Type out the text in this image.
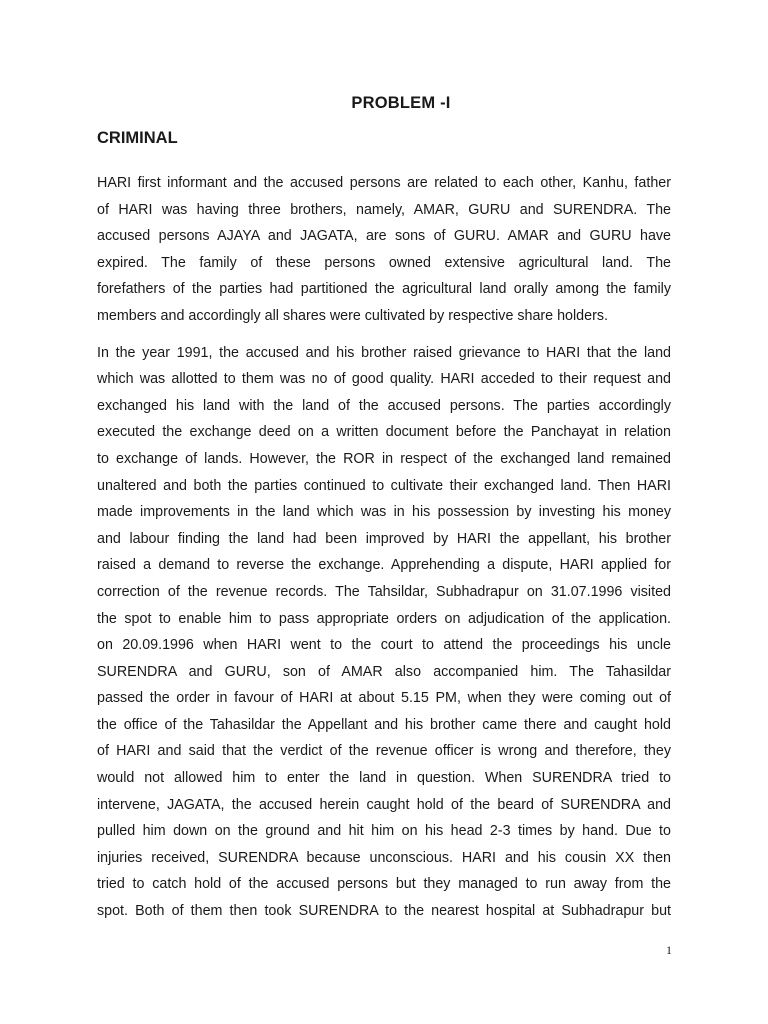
PROBLEM -I
CRIMINAL

HARI first informant and the accused persons are related to each other, Kanhu, father
of HARI was having three brothers, namely, AMAR, GURU and SURENDRA. The
accused persons AJAYA and JAGATA, are sons of GURU. AMAR and GURU have
expired. The family of these persons owned extensive agricultural land. The
forefathers of the parties had partitioned the agricultural land orally among the family
members and accordingly all shares were cultivated by respective share holders.

In the year 1991, the accused and his brother raised grievance to HARI that the land
which was allotted to them was no of good quality. HARI acceded to their request and
exchanged his land with the land of the accused persons. The parties accordingly
executed the exchange deed on a written document before the Panchayat in relation
to exchange of lands. However, the ROR in respect of the exchanged land remained
unaltered and both the parties continued to cultivate their exchanged land. Then HARI
made improvements in the land which was in his possession by investing his money
and labour finding the land had been improved by HARI the appellant, his brother
raised a demand to reverse the exchange. Apprehending a dispute, HARI applied for
correction of the revenue records. The Tahsildar, Subhadrapur on 31.07.1996 visited
the spot to enable him to pass appropriate orders on adjudication of the application.
on 20.09.1996 when HARI went to the court to attend the proceedings his uncle
SURENDRA and GURU, son of AMAR also accompanied him. The Tahasildar
passed the order in favour of HARI at about 5.15 PM, when they were coming out of
the office of the Tahasildar the Appellant and his brother came there and caught hold
of HARI and said that the verdict of the revenue officer is wrong and therefore, they
would not allowed him to enter the land in question. When SURENDRA tried to
intervene, JAGATA, the accused herein caught hold of the beard of SURENDRA and
pulled him down on the ground and hit him on his head 2-3 times by hand. Due to
injuries received, SURENDRA because unconscious. HARI and his cousin XX then
tried to catch hold of the accused persons but they managed to run away from the
spot. Both of them then took SURENDRA to the nearest hospital at Subhadrapur but

1
